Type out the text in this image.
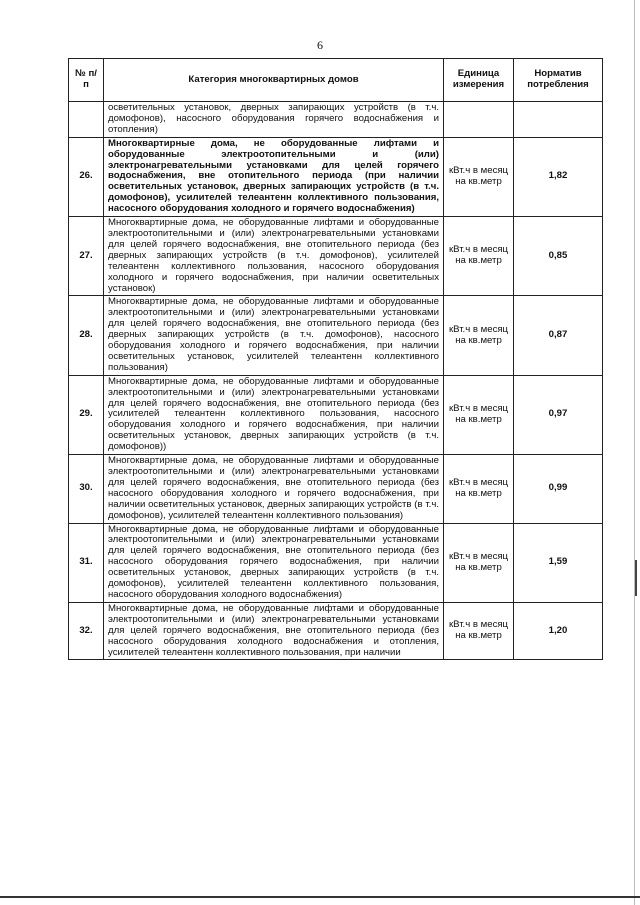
6
№ п/п	Категория многоквартирных домов	Единица измерения	Норматив потребления
	осветительных установок, дверных запирающих устройств (в т.ч. домофонов), насосного оборудования горячего водоснабжения и отопления)		
26.	Многоквартирные дома, не оборудованные лифтами и оборудованные электроотопительными и (или) электронагревательными установками для целей горячего водоснабжения, вне отопительного периода (при наличии осветительных установок, дверных запирающих устройств (в т.ч. домофонов), усилителей телеантенн коллективного пользования, насосного оборудования холодного и горячего водоснабжения)	кВт.ч в месяц на кв.метр	1,82
27.	Многоквартирные дома, не оборудованные лифтами и оборудованные электроотопительными и (или) электронагревательными установками для целей горячего водоснабжения, вне отопительного периода (без дверных запирающих устройств (в т.ч. домофонов), усилителей телеантенн коллективного пользования, насосного оборудования холодного и горячего водоснабжения, при наличии осветительных установок)	кВт.ч в месяц на кв.метр	0,85
28.	Многоквартирные дома, не оборудованные лифтами и оборудованные электроотопительными и (или) электронагревательными установками для целей горячего водоснабжения, вне отопительного периода (без дверных запирающих устройств (в т.ч. домофонов), насосного оборудования холодного и горячего водоснабжения, при наличии осветительных установок, усилителей телеантенн коллективного пользования)	кВт.ч в месяц на кв.метр	0,87
29.	Многоквартирные дома, не оборудованные лифтами и оборудованные электроотопительными и (или) электронагревательными установками для целей горячего водоснабжения, вне отопительного периода (без усилителей телеантенн коллективного пользования, насосного оборудования холодного и горячего водоснабжения, при наличии осветительных установок, дверных запирающих устройств (в т.ч. домофонов))	кВт.ч в месяц на кв.метр	0,97
30.	Многоквартирные дома, не оборудованные лифтами и оборудованные электроотопительными и (или) электронагревательными установками для целей горячего водоснабжения, вне отопительного периода (без насосного оборудования холодного и горячего водоснабжения, при наличии осветительных установок, дверных запирающих устройств (в т.ч. домофонов), усилителей телеантенн коллективного пользования)	кВт.ч в месяц на кв.метр	0,99
31.	Многоквартирные дома, не оборудованные лифтами и оборудованные электроотопительными и (или) электронагревательными установками для целей горячего водоснабжения, вне отопительного периода (без насосного оборудования горячего водоснабжения, при наличии осветительных установок, дверных запирающих устройств (в т.ч. домофонов), усилителей телеантенн коллективного пользования, насосного оборудования холодного водоснабжения)	кВт.ч в месяц на кв.метр	1,59
32.	Многоквартирные дома, не оборудованные лифтами и оборудованные электроотопительными и (или) электронагревательными установками для целей горячего водоснабжения, вне отопительного периода (без насосного оборудования холодного водоснабжения и отопления, усилителей телеантенн коллективного пользования, при наличии	кВт.ч в месяц на кв.метр	1,20
